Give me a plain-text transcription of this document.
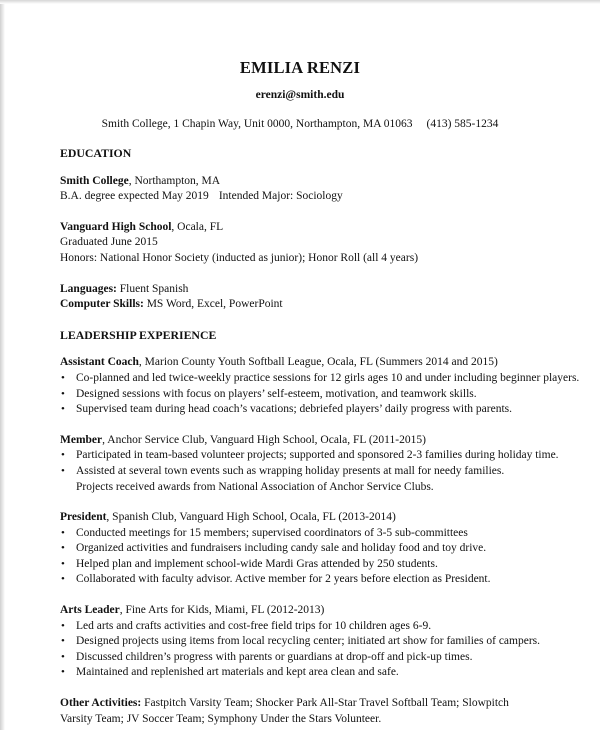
EMILIA RENZI
erenzi@smith.edu
Smith College, 1 Chapin Way, Unit 0000, Northampton, MA 01063 (413) 585-1234
EDUCATION
Smith College, Northampton, MA
B.A. degree expected May 2019 Intended Major: Sociology
Vanguard High School, Ocala, FL
Graduated June 2015
Honors: National Honor Society (inducted as junior); Honor Roll (all 4 years)
Languages: Fluent Spanish
Computer Skills: MS Word, Excel, PowerPoint
LEADERSHIP EXPERIENCE
Assistant Coach, Marion County Youth Softball League, Ocala, FL (Summers 2014 and 2015)
• Co-planned and led twice-weekly practice sessions for 12 girls ages 10 and under including beginner players.
• Designed sessions with focus on players’ self-esteem, motivation, and teamwork skills.
• Supervised team during head coach’s vacations; debriefed players’ daily progress with parents.
Member, Anchor Service Club, Vanguard High School, Ocala, FL (2011-2015)
• Participated in team-based volunteer projects; supported and sponsored 2-3 families during holiday time.
• Assisted at several town events such as wrapping holiday presents at mall for needy families. Projects received awards from National Association of Anchor Service Clubs.
President, Spanish Club, Vanguard High School, Ocala, FL (2013-2014)
• Conducted meetings for 15 members; supervised coordinators of 3-5 sub-committees
• Organized activities and fundraisers including candy sale and holiday food and toy drive.
• Helped plan and implement school-wide Mardi Gras attended by 250 students.
• Collaborated with faculty advisor. Active member for 2 years before election as President.
Arts Leader, Fine Arts for Kids, Miami, FL (2012-2013)
• Led arts and crafts activities and cost-free field trips for 10 children ages 6-9.
• Designed projects using items from local recycling center; initiated art show for families of campers.
• Discussed children’s progress with parents or guardians at drop-off and pick-up times.
• Maintained and replenished art materials and kept area clean and safe.
Other Activities: Fastpitch Varsity Team; Shocker Park All-Star Travel Softball Team; Slowpitch Varsity Team; JV Soccer Team; Symphony Under the Stars Volunteer.
